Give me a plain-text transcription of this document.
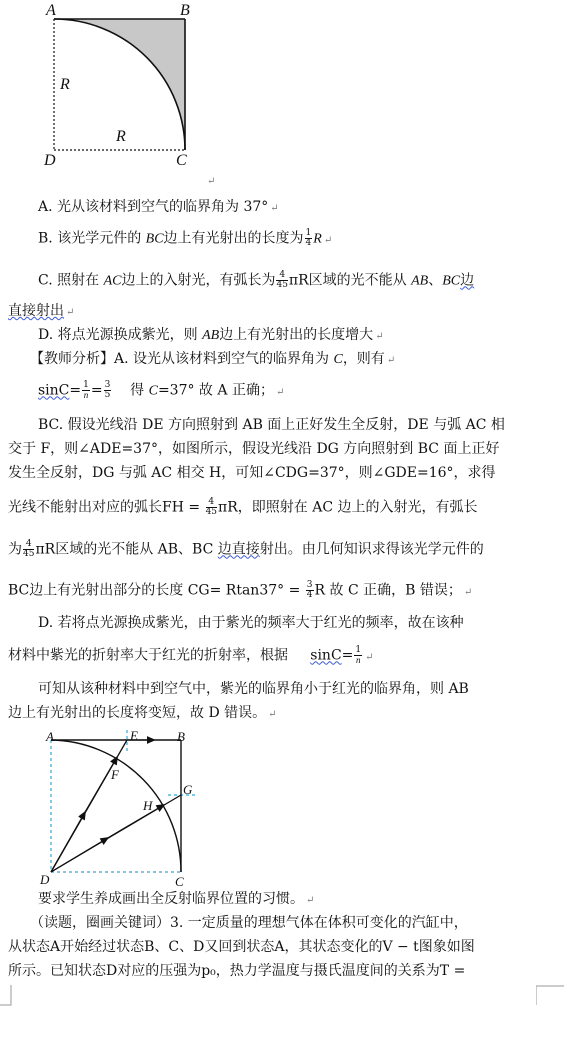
A	B
R
R
D	C
↵
A. 光从该材料到空气的临界角为 37° ↵
B. 该光学元件的 BC边上有光射出的长度为 $\frac{1}{4}$ R ↵
C. 照射在 AC边上的入射光，有弧长为 $\frac{4}{45}$ πR区域的光不能从 AB、BC边
直接射出 ↵
D. 将点光源换成紫光，则 AB边上有光射出的长度增大 ↵
【教师分析】A. 设光从该材料到空气的临界角为 C，则有 ↵
$\sin C= \frac{1}{n} = \frac{3}{5}$ 得 C=37° 故 A 正确； ↵
BC. 假设光线沿 DE 方向照射到 AB 面上正好发生全反射，DE 与弧 AC 相
交于 F，则∠ADE=37°，如图所示，假设光线沿 DG 方向照射到 BC 面上正好
发生全反射，DG 与弧 AC 相交 H，可知∠CDG=37°，则∠GDE=16°，求得
光线不能射出对应的弧长FH = $\frac{4}{45}$ πR，即照射在 AC 边上的入射光，有弧长
为 $\frac{4}{45}$ πR区域的光不能从 AB、BC 边直接射出。由几何知识求得该光学元件的
BC边上有光射出部分的长度 $CG= Rtan37^\circ = \frac{3}{4}$ R 故 C 正确，B 错误； ↵
D. 若将点光源换成紫光，由于紫光的频率大于红光的频率，故在该种
材料中紫光的折射率大于红光的折射率，根据 $\sin C= \frac{1}{n}$ ↵
可知从该种材料中到空气中，紫光的临界角小于红光的临界角，则 AB
边上有光射出的长度将变短，故 D 错误。 ↵
A	E	B
F
G
H
D	C
要求学生养成画出全反射临界位置的习惯。 ↵
（读题，圈画关键词）3. 一定质量的理想气体在体积可变化的汽缸中，
从状态A开始经过状态B、C、D又回到状态A，其状态变化的V − t图象如图
所示。已知状态D对应的压强为p₀，热力学温度与摄氏温度间的关系为T =
